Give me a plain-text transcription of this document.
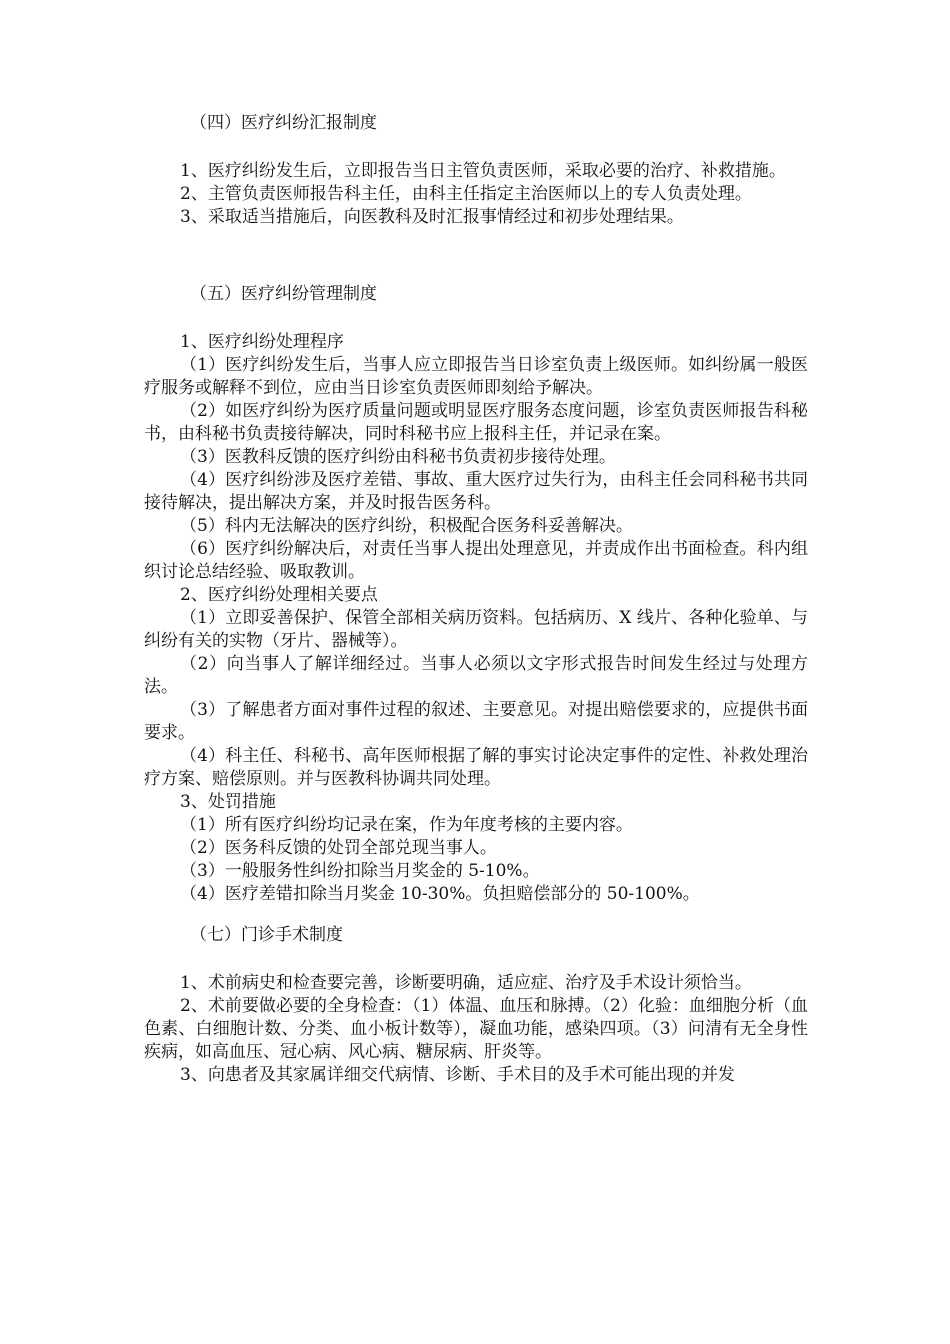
（四）医疗纠纷汇报制度

1、医疗纠纷发生后，立即报告当日主管负责医师，采取必要的治疗、补救措施。

2、主管负责医师报告科主任，由科主任指定主治医师以上的专人负责处理。

3、采取适当措施后，向医教科及时汇报事情经过和初步处理结果。

（五）医疗纠纷管理制度

1、医疗纠纷处理程序

（1）医疗纠纷发生后，当事人应立即报告当日诊室负责上级医师。如纠纷属一般医疗服务或解释不到位，应由当日诊室负责医师即刻给予解决。

（2）如医疗纠纷为医疗质量问题或明显医疗服务态度问题，诊室负责医师报告科秘书，由科秘书负责接待解决，同时科秘书应上报科主任，并记录在案。

（3）医教科反馈的医疗纠纷由科秘书负责初步接待处理。

（4）医疗纠纷涉及医疗差错、事故、重大医疗过失行为，由科主任会同科秘书共同接待解决，提出解决方案，并及时报告医务科。

（5）科内无法解决的医疗纠纷，积极配合医务科妥善解决。

（6）医疗纠纷解决后，对责任当事人提出处理意见，并责成作出书面检查。科内组织讨论总结经验、吸取教训。

2、医疗纠纷处理相关要点

（1）立即妥善保护、保管全部相关病历资料。包括病历、X 线片、各种化验单、与纠纷有关的实物（牙片、器械等）。

（2）向当事人了解详细经过。当事人必须以文字形式报告时间发生经过与处理方法。

（3）了解患者方面对事件过程的叙述、主要意见。对提出赔偿要求的，应提供书面要求。

（4）科主任、科秘书、高年医师根据了解的事实讨论决定事件的定性、补救处理治疗方案、赔偿原则。并与医教科协调共同处理。

3、处罚措施

（1）所有医疗纠纷均记录在案，作为年度考核的主要内容。

（2）医务科反馈的处罚全部兑现当事人。

（3）一般服务性纠纷扣除当月奖金的 5-10%。

（4）医疗差错扣除当月奖金 10-30%。负担赔偿部分的 50-100%。

（七）门诊手术制度

1、术前病史和检查要完善，诊断要明确，适应症、治疗及手术设计须恰当。

2、术前要做必要的全身检查：（1）体温、血压和脉搏。（2）化验：血细胞分析（血色素、白细胞计数、分类、血小板计数等），凝血功能，感染四项。（3）问清有无全身性疾病，如高血压、冠心病、风心病、糖尿病、肝炎等。

3、向患者及其家属详细交代病情、诊断、手术目的及手术可能出现的并发
